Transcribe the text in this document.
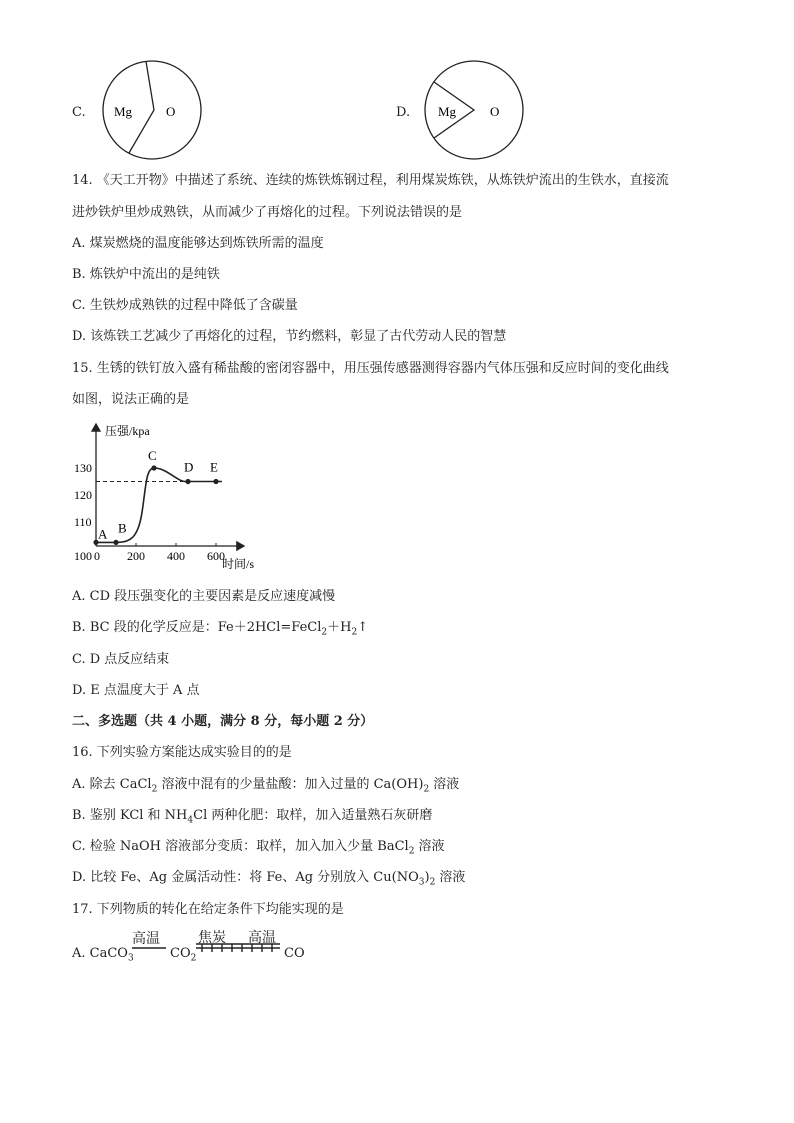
C. Mg	O	D. Mg	O
14. 《天工开物》中描述了系统、连续的炼铁炼钢过程，利用煤炭炼铁，从炼铁炉流出的生铁水，直接流
进炒铁炉里炒成熟铁，从而减少了再熔化的过程。下列说法错误的是
A. 煤炭燃烧的温度能够达到炼铁所需的温度
B. 炼铁炉中流出的是纯铁
C. 生铁炒成熟铁的过程中降低了含碳量
D. 该炼铁工艺减少了再熔化的过程，节约燃料，彰显了古代劳动人民的智慧
15. 生锈的铁钉放入盛有稀盐酸的密闭容器中，用压强传感器测得容器内气体压强和反应时间的变化曲线
如图，说法正确的是
压强/kpa
时间/s
0 200 400 600
100
110
120
130
A B
C
D E
A. CD 段压强变化的主要因素是反应速度减慢
B. BC 段的化学反应是：$Fe+2HCl=FeCl_2+H_2↑$
C. D 点反应结束
D. E 点温度大于 A 点
二、多选题（共 4 小题，满分 8 分，每小题 2 分）
16. 下列实验方案能达成实验目的的是
A. 除去 CaCl$_2$ 溶液中混有的少量盐酸：加入过量的 $Ca(OH)_2$ 溶液
B. 鉴别 KCl 和 $NH_4Cl$ 两种化肥：取样，加入适量熟石灰研磨
C. 检验 NaOH 溶液部分变质：取样，加入加入少量 BaCl$_2$ 溶液
D. 比较 Fe、Ag 金属活动性：将 Fe、Ag 分别放入 $Cu(NO_3)_2$ 溶液
17. 下列物质的转化在给定条件下均能实现的是
A. CaCO$_3$
高温
$CO_2$
焦炭 高温
CO
